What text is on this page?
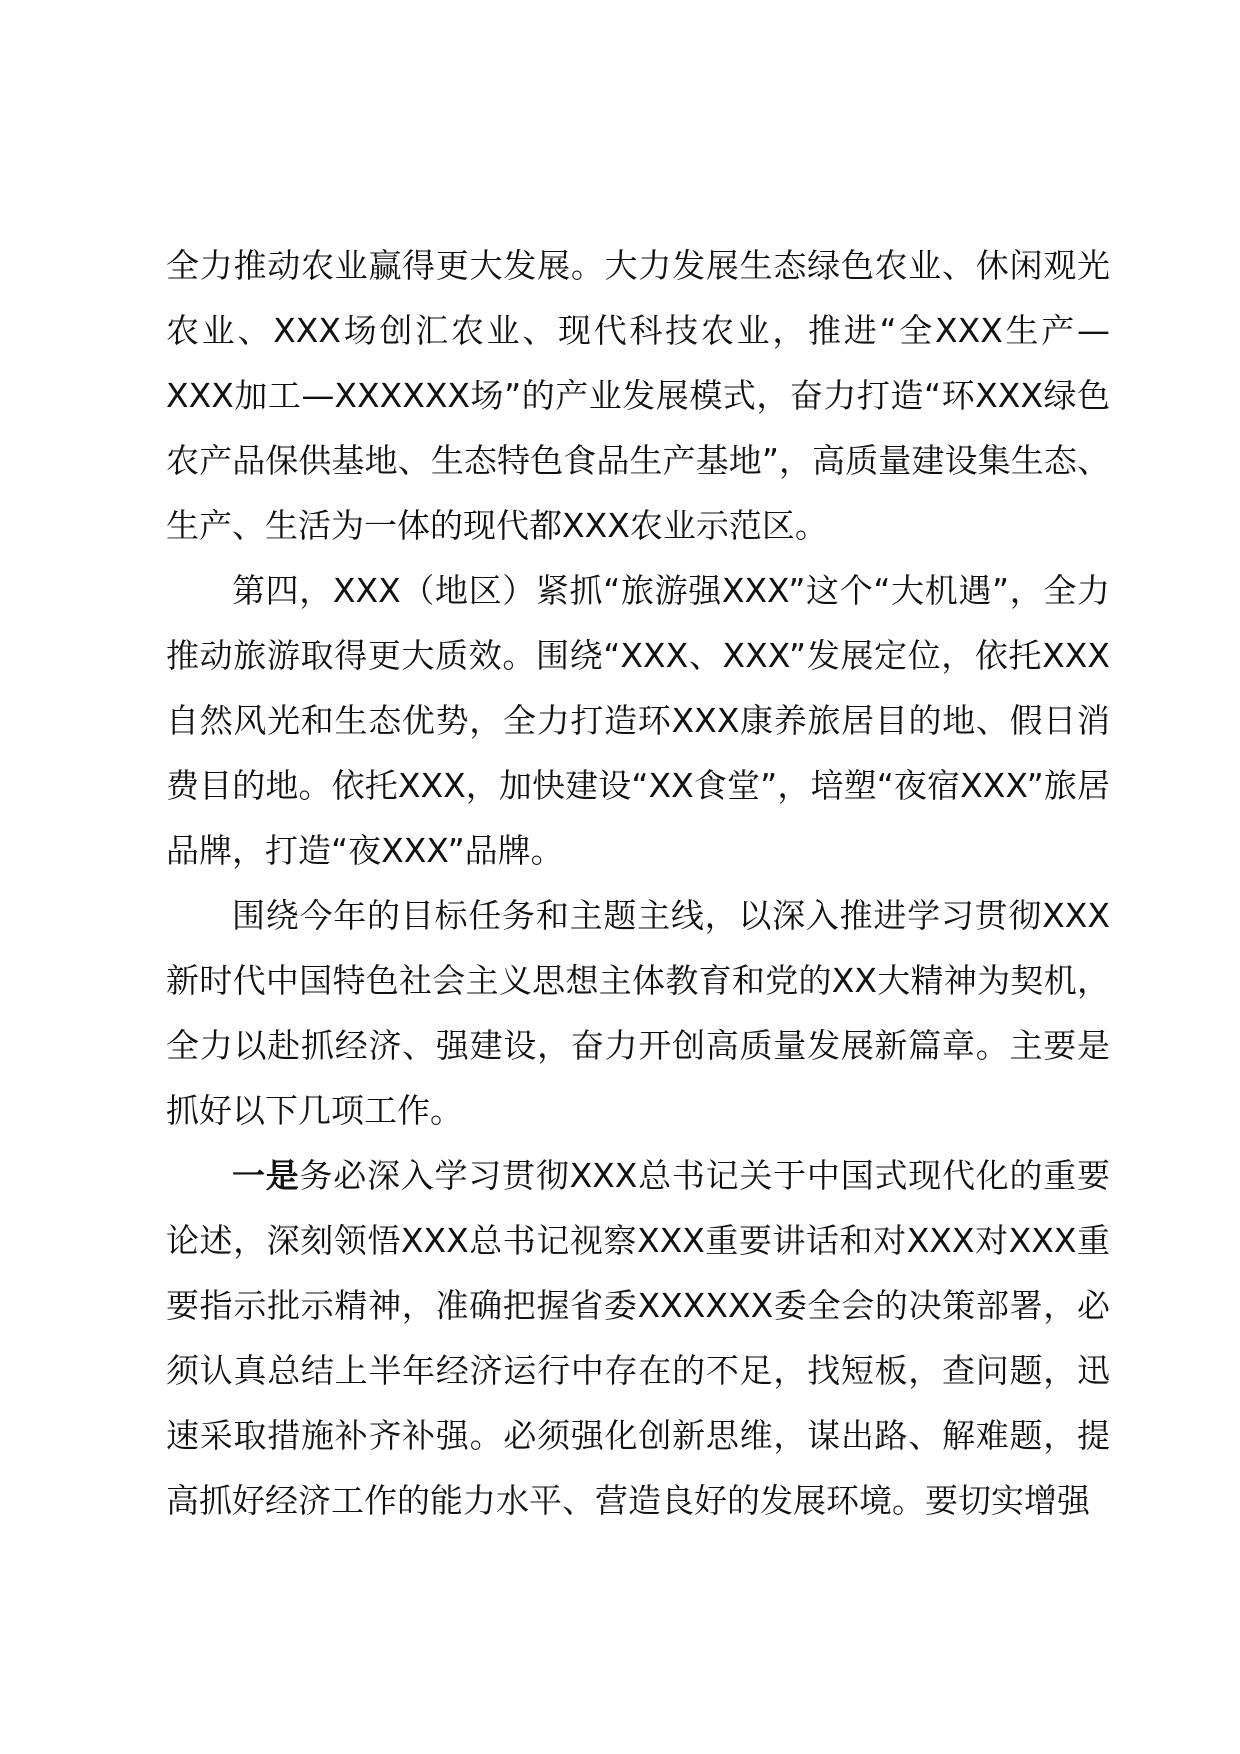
全力推动农业赢得更大发展。大力发展生态绿色农业、休闲观光农业、XXX场创汇农业、现代科技农业，推进“全XXX生产—XXX加工—XXXXXX场”的产业发展模式，奋力打造“环XXX绿色农产品保供基地、生态特色食品生产基地”，高质量建设集生态、生产、生活为一体的现代都XXX农业示范区。

第四，XXX（地区）紧抓“旅游强XXX”这个“大机遇”，全力推动旅游取得更大质效。围绕“XXX、XXX”发展定位，依托XXX自然风光和生态优势，全力打造环XXX康养旅居目的地、假日消费目的地。依托XXX，加快建设“XX食堂”，培塑“夜宿XXX”旅居品牌，打造“夜XXX”品牌。

围绕今年的目标任务和主题主线，以深入推进学习贯彻XXX新时代中国特色社会主义思想主体教育和党的XX大精神为契机，全力以赴抓经济、强建设，奋力开创高质量发展新篇章。主要是抓好以下几项工作。

一是务必深入学习贯彻XXX总书记关于中国式现代化的重要论述，深刻领悟XXX总书记视察XXX重要讲话和对XXX对XXX重要指示批示精神，准确把握省委XXXXXX委全会的决策部署，必须认真总结上半年经济运行中存在的不足，找短板，查问题，迅速采取措施补齐补强。必须强化创新思维，谋出路、解难题，提高抓好经济工作的能力水平、营造良好的发展环境。要切实增强
